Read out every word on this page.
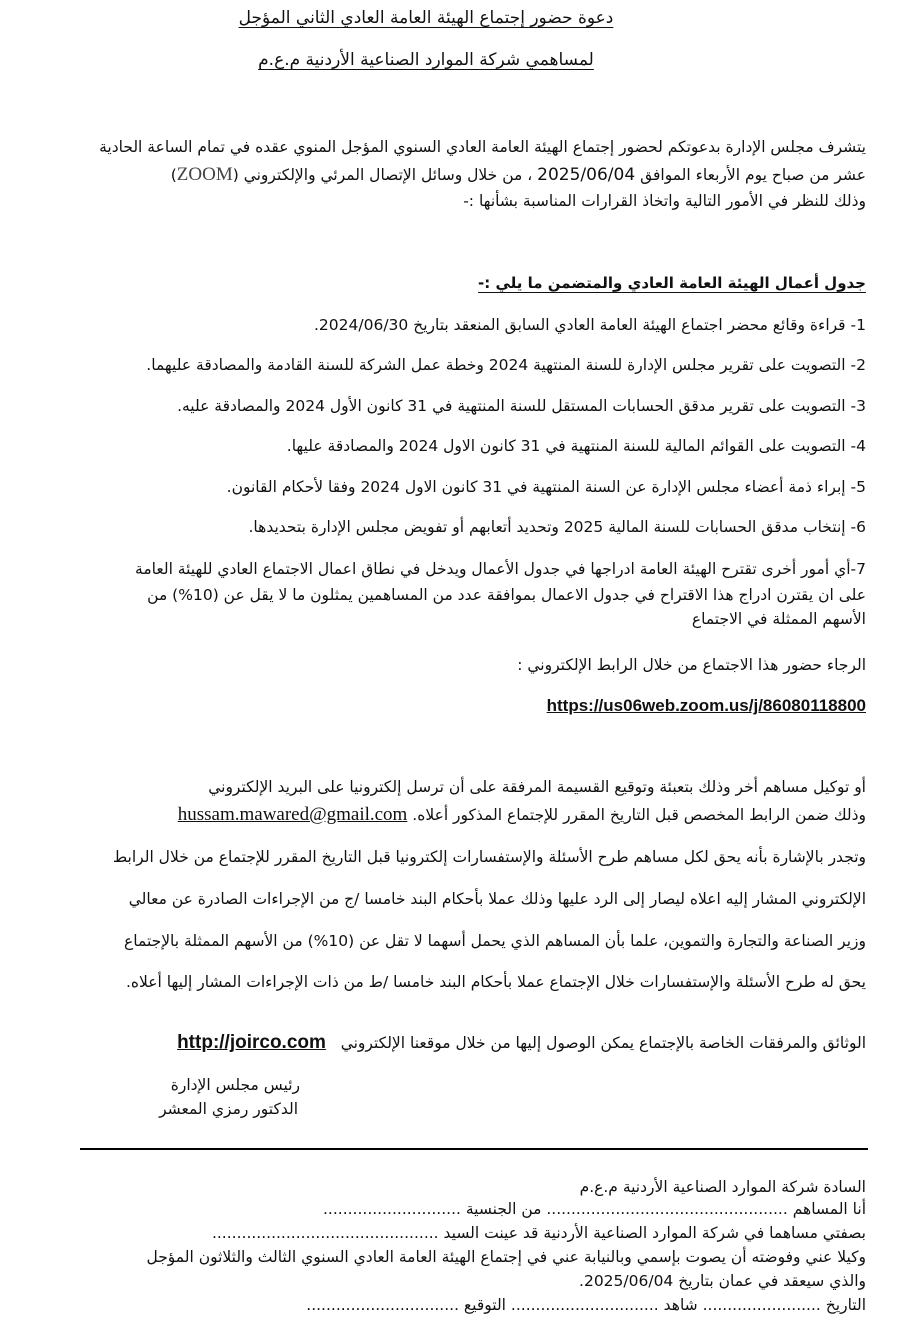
دعوة حضور إجتماع الهيئة العامة العادي الثاني المؤجل
لمساهمي شركة الموارد الصناعية الأردنية م.ع.م
يتشرف مجلس الإدارة بدعوتكم لحضور إجتماع الهيئة العامة العادي السنوي المؤجل المنوي عقده في تمام الساعة الحادية
عشر من صباح يوم الأربعاء الموافق 2025/06/04 ، من خلال وسائل الإتصال المرئي والإلكتروني (ZOOM)
وذلك للنظر في الأمور التالية واتخاذ القرارات المناسبة بشأنها :-
جدول أعمال الهيئة العامة العادي والمتضمن ما يلي :-
1- قراءة وقائع محضر اجتماع الهيئة العامة العادي السابق المنعقد بتاريخ 2024/06/30.
2- التصويت على تقرير مجلس الإدارة للسنة المنتهية 2024 وخطة عمل الشركة للسنة القادمة والمصادقة عليهما.
3- التصويت على تقرير مدقق الحسابات المستقل للسنة المنتهية في 31 كانون الأول 2024 والمصادقة عليه.
4- التصويت على القوائم المالية للسنة المنتهية في 31 كانون الاول 2024 والمصادقة عليها.
5- إبراء ذمة أعضاء مجلس الإدارة عن السنة المنتهية في 31 كانون الاول 2024 وفقا لأحكام القانون.
6- إنتخاب مدقق الحسابات للسنة المالية 2025 وتحديد أتعابهم أو تفويض مجلس الإدارة بتحديدها.
7-أي أمور أخرى تقترح الهيئة العامة ادراجها في جدول الأعمال ويدخل في نطاق اعمال الاجتماع العادي للهيئة العامة
على ان يقترن ادراج هذا الاقتراح في جدول الاعمال بموافقة عدد من المساهمين يمثلون ما لا يقل عن (10%) من
الأسهم الممثلة في الاجتماع
الرجاء حضور هذا الاجتماع من خلال الرابط الإلكتروني :
https://us06web.zoom.us/j/86080118800
أو توكيل مساهم أخر وذلك بتعبئة وتوقيع القسيمة المرفقة على أن ترسل إلكترونيا على البريد الإلكتروني
وذلك ضمن الرابط المخصص قبل التاريخ المقرر للإجتماع المذكور أعلاه. hussam.mawared@gmail.com
وتجدر بالإشارة بأنه يحق لكل مساهم طرح الأسئلة والإستفسارات إلكترونيا قبل التاريخ المقرر للإجتماع من خلال الرابط
الإلكتروني المشار إليه اعلاه ليصار إلى الرد عليها وذلك عملا بأحكام البند خامسا /ج من الإجراءات الصادرة عن معالي
وزير الصناعة والتجارة والتموين، علما بأن المساهم الذي يحمل أسهما لا تقل عن (10%) من الأسهم الممثلة بالإجتماع
يحق له طرح الأسئلة والإستفسارات خلال الإجتماع عملا بأحكام البند خامسا /ط من ذات الإجراءات المشار إليها أعلاه.
الوثائق والمرفقات الخاصة بالإجتماع يمكن الوصول إليها من خلال موقعنا الإلكتروني   http://joirco.com
رئيس مجلس الإدارة
الدكتور رمزي المعشر
السادة شركة الموارد الصناعية الأردنية م.ع.م
أنا المساهم ................................................. من الجنسية ............................
بصفتي مساهما في شركة الموارد الصناعية الأردنية قد عينت السيد ..............................................
وكيلا عني وفوضته أن يصوت بإسمي وبالنيابة عني في إجتماع الهيئة العامة العادي السنوي الثالث والثلاثون المؤجل
والذي سيعقد في عمان بتاريخ 2025/06/04.
التاريخ ........................ شاهد .............................. التوقيع ...............................
